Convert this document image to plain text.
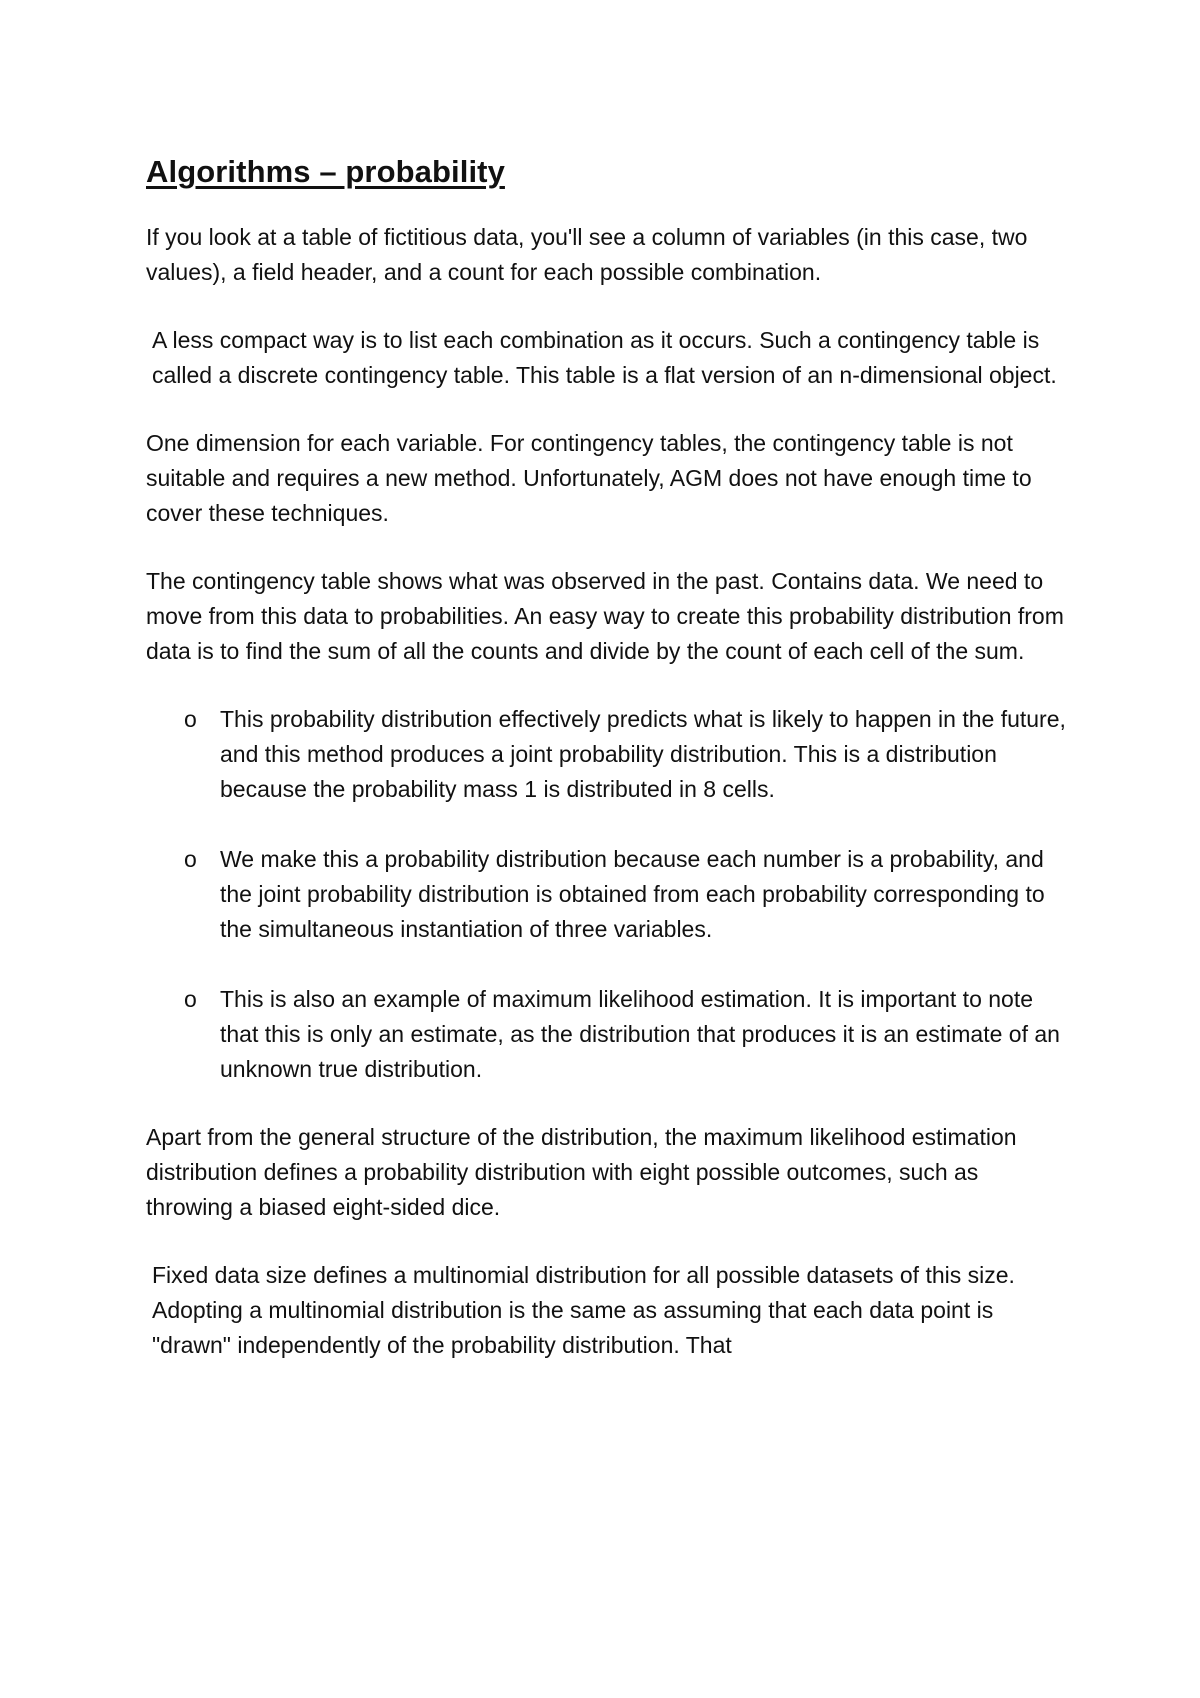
Algorithms – probability

If you look at a table of fictitious data, you'll see a column of variables (in this case, two values), a field header, and a count for each possible combination.

A less compact way is to list each combination as it occurs. Such a contingency table is called a discrete contingency table. This table is a flat version of an n-dimensional object.

One dimension for each variable. For contingency tables, the contingency table is not suitable and requires a new method. Unfortunately, AGM does not have enough time to cover these techniques.

The contingency table shows what was observed in the past. Contains data. We need to move from this data to probabilities. An easy way to create this probability distribution from
data is to find the sum of all the counts and divide by the count of each cell of the sum.
o This probability distribution effectively predicts what is likely to happen in the future, and this method produces a joint probability distribution. This is a distribution because the probability mass 1 is distributed in 8 cells.
o We make this a probability distribution because each number is a probability, and the joint probability distribution is obtained from each probability corresponding to the simultaneous instantiation of three variables.
o This is also an example of maximum likelihood estimation. It is important to note that this is only an estimate, as the distribution that produces it is an estimate of an unknown true distribution.

Apart from the general structure of the distribution, the maximum likelihood estimation distribution defines a probability distribution with eight possible outcomes, such as throwing a biased eight-sided dice.

Fixed data size defines a multinomial distribution for all possible datasets of this size. Adopting a multinomial distribution is the same as assuming that each data point is "drawn" independently of the probability distribution. That
